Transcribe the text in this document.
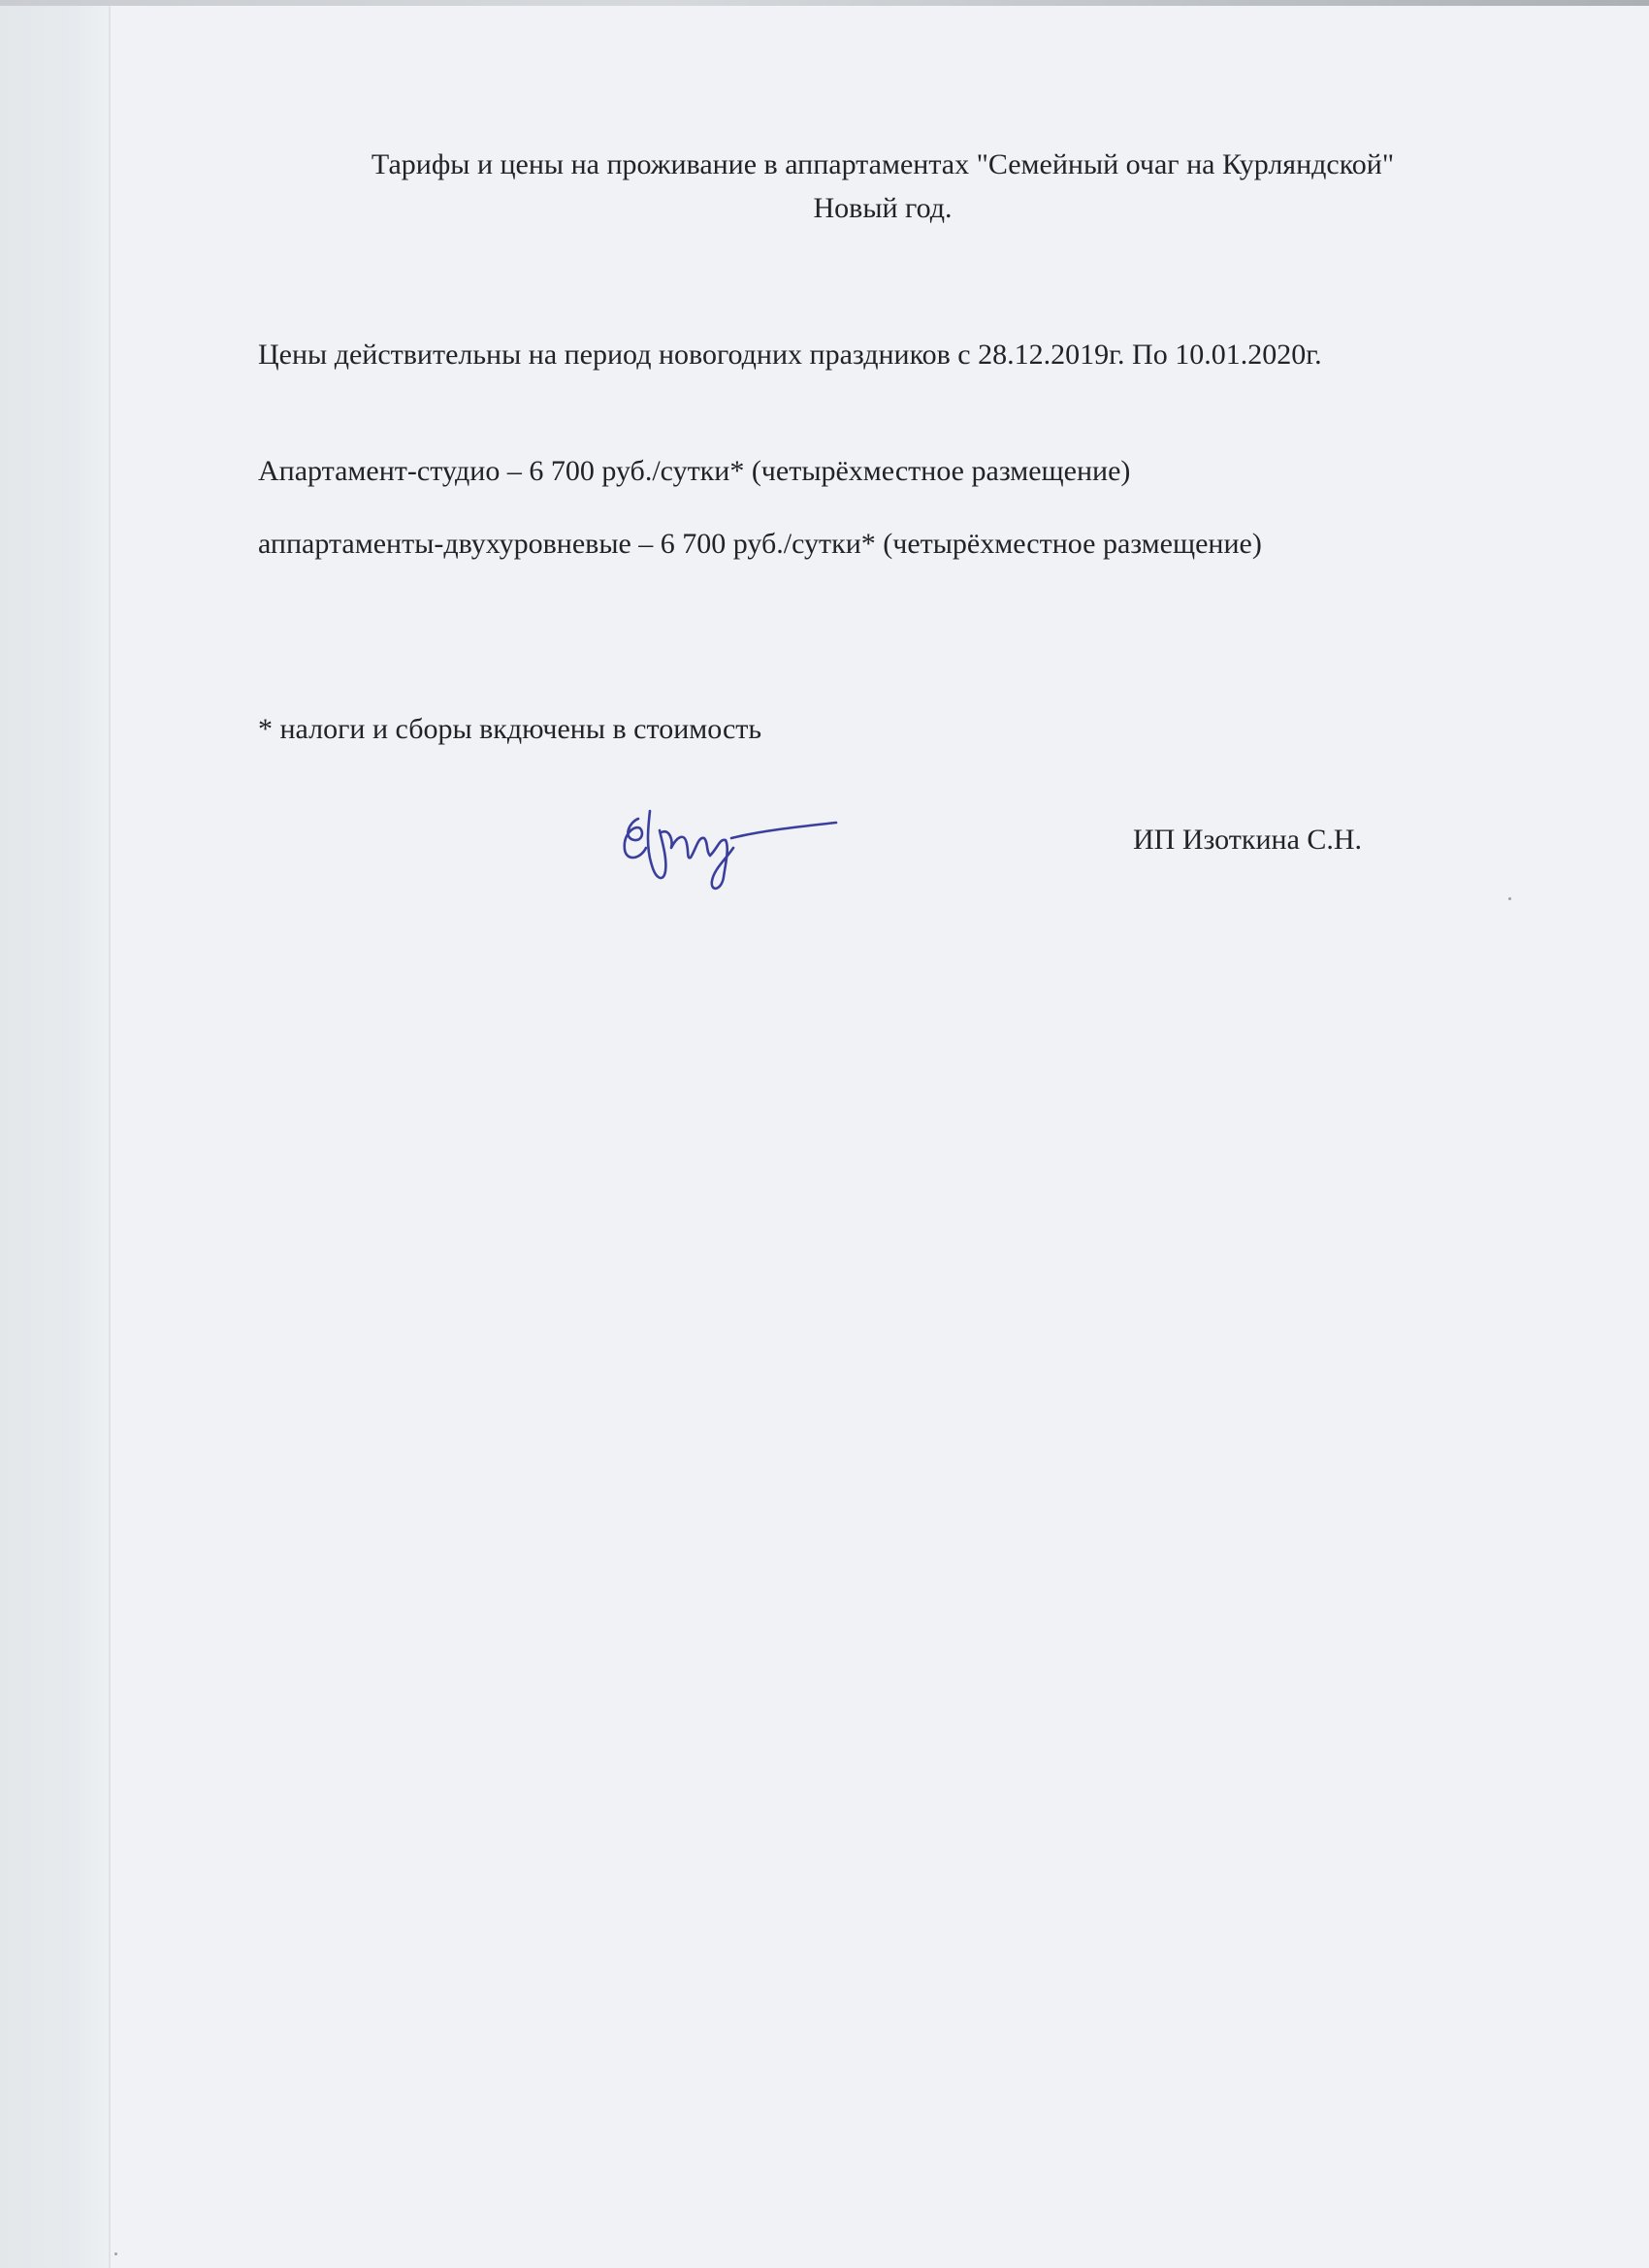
Тарифы и цены на проживание в аппартаментах "Семейный очаг на Курляндской"
Новый год.
Цены действительны на период новогодних праздников с 28.12.2019г. По 10.01.2020г.
Апартамент-студио – 6 700 руб./сутки* (четырёхместное размещение)
аппартаменты-двухуровневые – 6 700 руб./сутки* (четырёхместное размещение)
* налоги и сборы вкдючены в стоимость
ИП Изоткина С.Н.
